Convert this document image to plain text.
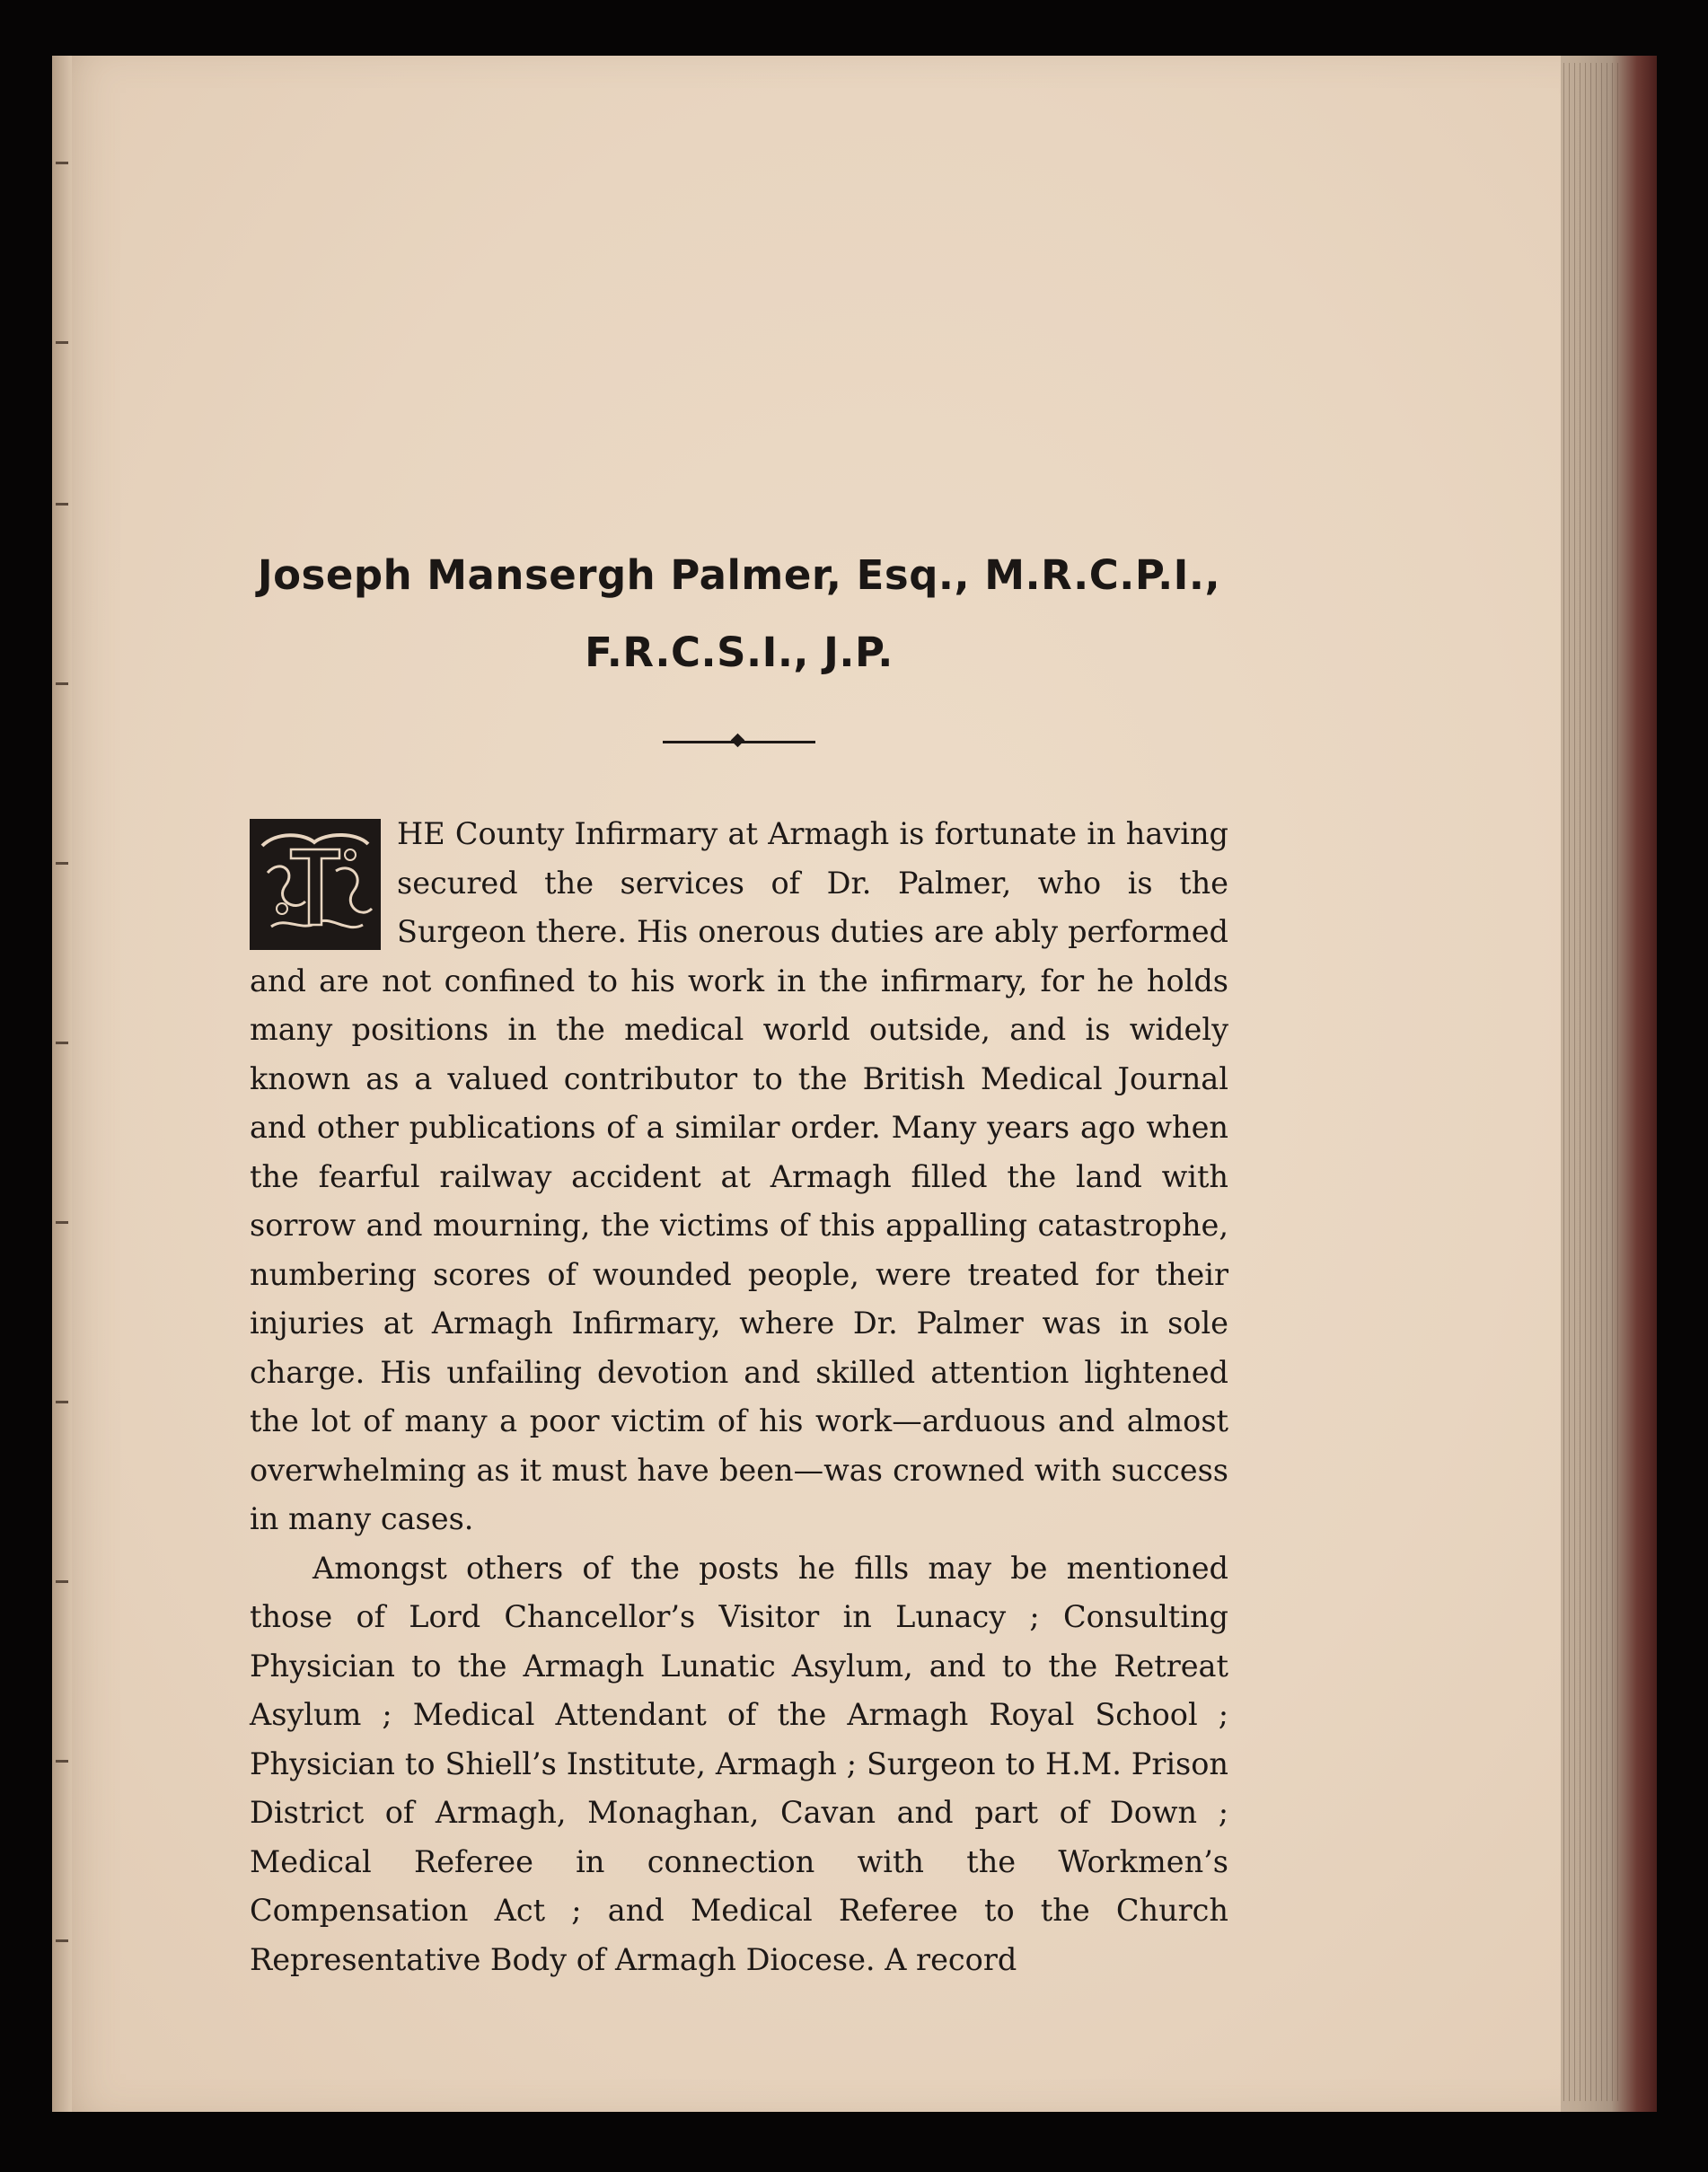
Joseph Mansergh Palmer, Esq., M.R.C.P.I.,
F.R.C.S.I., J.P.
T

HE County Infirmary at Armagh is fortunate in having secured the services of Dr. Palmer, who is the Surgeon there. His onerous duties are ably performed and are not confined to his work in the infirmary, for he holds many positions in the medical world outside, and is widely known as a valued contributor to the British Medical Journal and other publications of a similar order. Many years ago when the fearful railway accident at Armagh filled the land with sorrow and mourning, the victims of this appalling catastrophe, numbering scores of wounded people, were treated for their injuries at Armagh Infirmary, where Dr. Palmer was in sole charge. His unfailing devotion and skilled attention lightened the lot of many a poor victim of his work—arduous and almost overwhelming as it must have been—was crowned with success in many cases.

Amongst others of the posts he fills may be mentioned those of Lord Chancellor’s Visitor in Lunacy ; Consulting Physician to the Armagh Lunatic Asylum, and to the Retreat Asylum ; Medical Attendant of the Armagh Royal School ; Physician to Shiell’s Institute, Armagh ; Surgeon to H.M. Prison District of Armagh, Monaghan, Cavan and part of Down ; Medical Referee in connection with the Workmen’s Compensation Act ; and Medical Referee to the Church Representative Body of Armagh Diocese. A record
